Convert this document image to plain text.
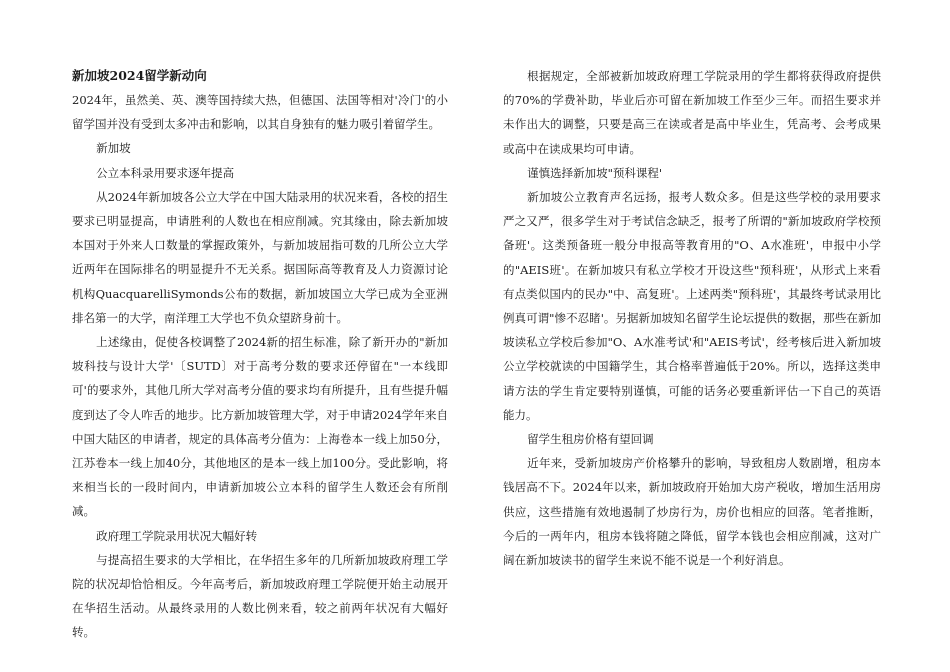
新加坡2024留学新动向

2024年，虽然美、英、澳等国持续大热，但德国、法国等相对'冷门'的小留学国并没有受到太多冲击和影响，以其自身独有的魅力吸引着留学生。

新加坡

公立本科录用要求逐年提高

从2024年新加坡各公立大学在中国大陆录用的状况来看，各校的招生要求已明显提高，申请胜利的人数也在相应削减。究其缘由，除去新加坡本国对于外来人口数量的掌握政策外，与新加坡屈指可数的几所公立大学近两年在国际排名的明显提升不无关系。据国际高等教育及人力资源讨论机构QuacquarelliSymonds公布的数据，新加坡国立大学已成为全亚洲排名第一的大学，南洋理工大学也不负众望跻身前十。

上述缘由，促使各校调整了2024新的招生标准，除了新开办的"新加坡科技与设计大学'〔SUTD〕对于高考分数的要求还停留在"一本线即可'的要求外，其他几所大学对高考分值的要求均有所提升，且有些提升幅度到达了令人咋舌的地步。比方新加坡管理大学，对于申请2024学年来自中国大陆区的申请者，规定的具体高考分值为：上海卷本一线上加50分，江苏卷本一线上加40分，其他地区的是本一线上加100分。受此影响，将来相当长的一段时间内，申请新加坡公立本科的留学生人数还会有所削减。

政府理工学院录用状况大幅好转

与提高招生要求的大学相比，在华招生多年的几所新加坡政府理工学院的状况却恰恰相反。今年高考后，新加坡政府理工学院便开始主动展开在华招生活动。从最终录用的人数比例来看，较之前两年状况有大幅好转。

根据规定，全部被新加坡政府理工学院录用的学生都将获得政府提供的70%的学费补助，毕业后亦可留在新加坡工作至少三年。而招生要求并未作出大的调整，只要是高三在读或者是高中毕业生，凭高考、会考成果或高中在读成果均可申请。

谨慎选择新加坡"预科课程'

新加坡公立教育声名远扬，报考人数众多。但是这些学校的录用要求严之又严，很多学生对于考试信念缺乏，报考了所谓的"新加坡政府学校预备班'。这类预备班一般分申报高等教育用的"O、A水准班'，申报中小学的"AEIS班'。在新加坡只有私立学校才开设这些"预科班'，从形式上来看有点类似国内的民办"中、高复班'。上述两类"预科班'，其最终考试录用比例真可谓"惨不忍睹'。另据新加坡知名留学生论坛提供的数据，那些在新加坡读私立学校后参加"O、A水准考试'和"AEIS考试'，经考核后进入新加坡公立学校就读的中国籍学生，其合格率普遍低于20%。所以，选择这类申请方法的学生肯定要特别谨慎，可能的话务必要重新评估一下自己的英语能力。

留学生租房价格有望回调

近年来，受新加坡房产价格攀升的影响，导致租房人数剧增，租房本钱居高不下。2024年以来，新加坡政府开始加大房产税收，增加生活用房供应，这些措施有效地遏制了炒房行为，房价也相应的回落。笔者推断，今后的一两年内，租房本钱将随之降低，留学本钱也会相应削减，这对广阔在新加坡读书的留学生来说不能不说是一个利好消息。
